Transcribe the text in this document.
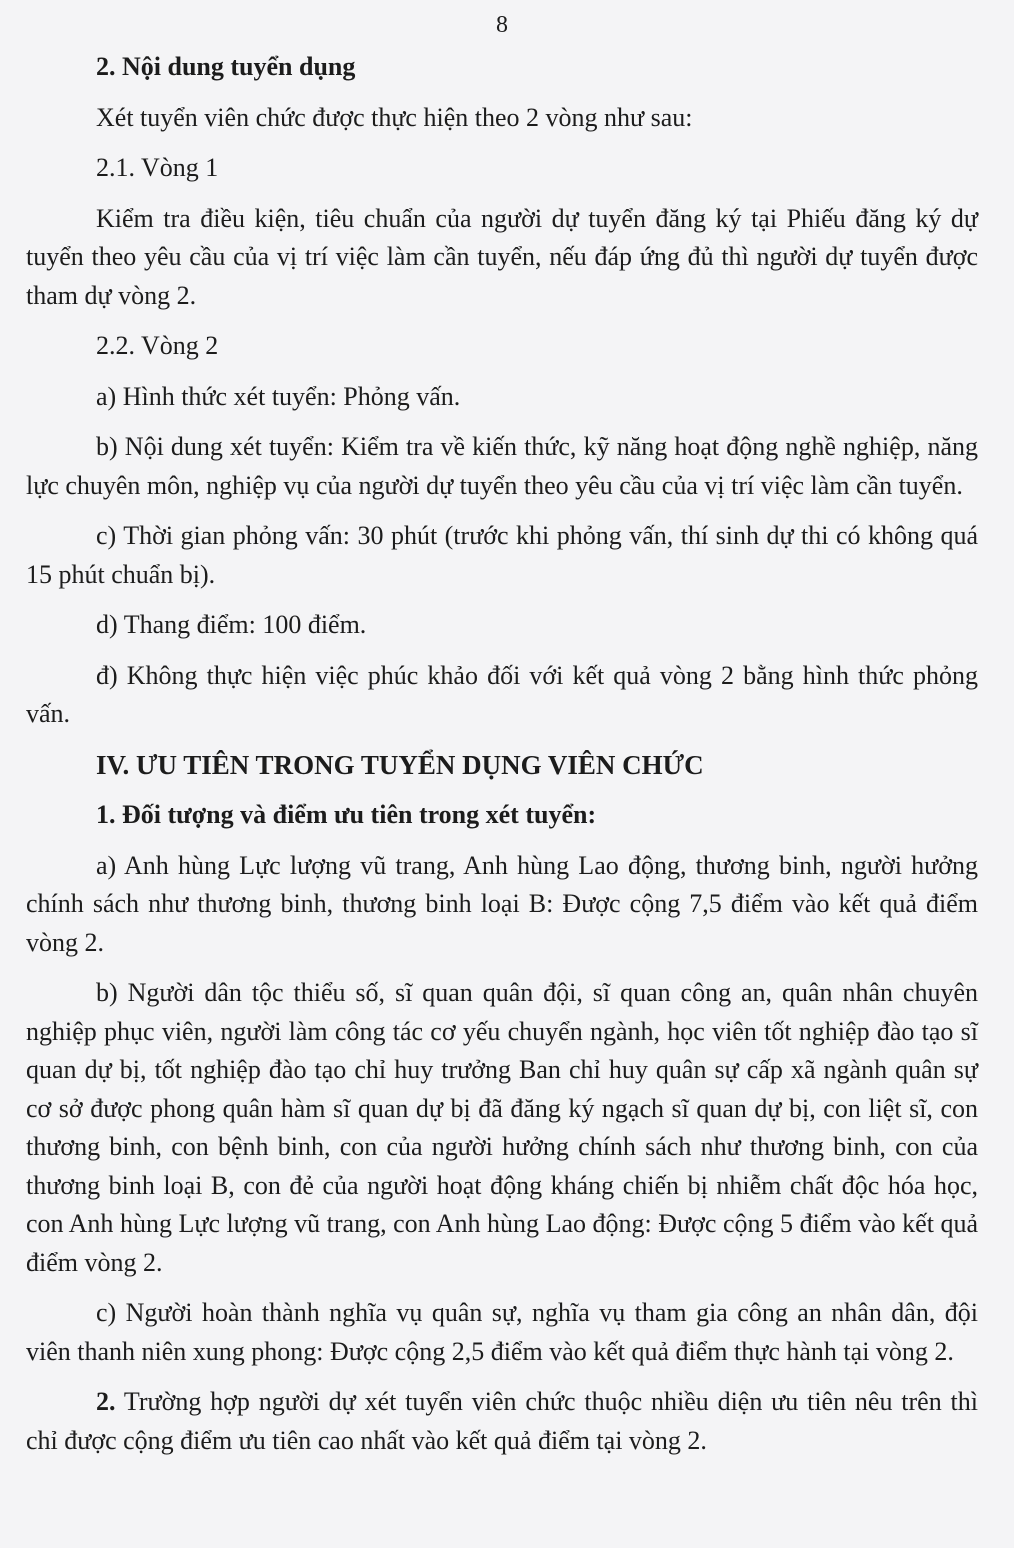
8

2. Nội dung tuyển dụng

Xét tuyển viên chức được thực hiện theo 2 vòng như sau:

2.1. Vòng 1

Kiểm tra điều kiện, tiêu chuẩn của người dự tuyển đăng ký tại Phiếu đăng ký dự tuyển theo yêu cầu của vị trí việc làm cần tuyển, nếu đáp ứng đủ thì người dự tuyển được tham dự vòng 2.

2.2. Vòng 2

a) Hình thức xét tuyển: Phỏng vấn.

b) Nội dung xét tuyển: Kiểm tra về kiến thức, kỹ năng hoạt động nghề nghiệp, năng lực chuyên môn, nghiệp vụ của người dự tuyển theo yêu cầu của vị trí việc làm cần tuyển.

c) Thời gian phỏng vấn: 30 phút (trước khi phỏng vấn, thí sinh dự thi có không quá 15 phút chuẩn bị).

d) Thang điểm: 100 điểm.

đ) Không thực hiện việc phúc khảo đối với kết quả vòng 2 bằng hình thức phỏng vấn.

IV. ƯU TIÊN TRONG TUYỂN DỤNG VIÊN CHỨC

1. Đối tượng và điểm ưu tiên trong xét tuyển:

a) Anh hùng Lực lượng vũ trang, Anh hùng Lao động, thương binh, người hưởng chính sách như thương binh, thương binh loại B: Được cộng 7,5 điểm vào kết quả điểm vòng 2.

b) Người dân tộc thiểu số, sĩ quan quân đội, sĩ quan công an, quân nhân chuyên nghiệp phục viên, người làm công tác cơ yếu chuyển ngành, học viên tốt nghiệp đào tạo sĩ quan dự bị, tốt nghiệp đào tạo chỉ huy trưởng Ban chỉ huy quân sự cấp xã ngành quân sự cơ sở được phong quân hàm sĩ quan dự bị đã đăng ký ngạch sĩ quan dự bị, con liệt sĩ, con thương binh, con bệnh binh, con của người hưởng chính sách như thương binh, con của thương binh loại B, con đẻ của người hoạt động kháng chiến bị nhiễm chất độc hóa học, con Anh hùng Lực lượng vũ trang, con Anh hùng Lao động: Được cộng 5 điểm vào kết quả điểm vòng 2.

c) Người hoàn thành nghĩa vụ quân sự, nghĩa vụ tham gia công an nhân dân, đội viên thanh niên xung phong: Được cộng 2,5 điểm vào kết quả điểm thực hành tại vòng 2.

2. Trường hợp người dự xét tuyển viên chức thuộc nhiều diện ưu tiên nêu trên thì chỉ được cộng điểm ưu tiên cao nhất vào kết quả điểm tại vòng 2.
